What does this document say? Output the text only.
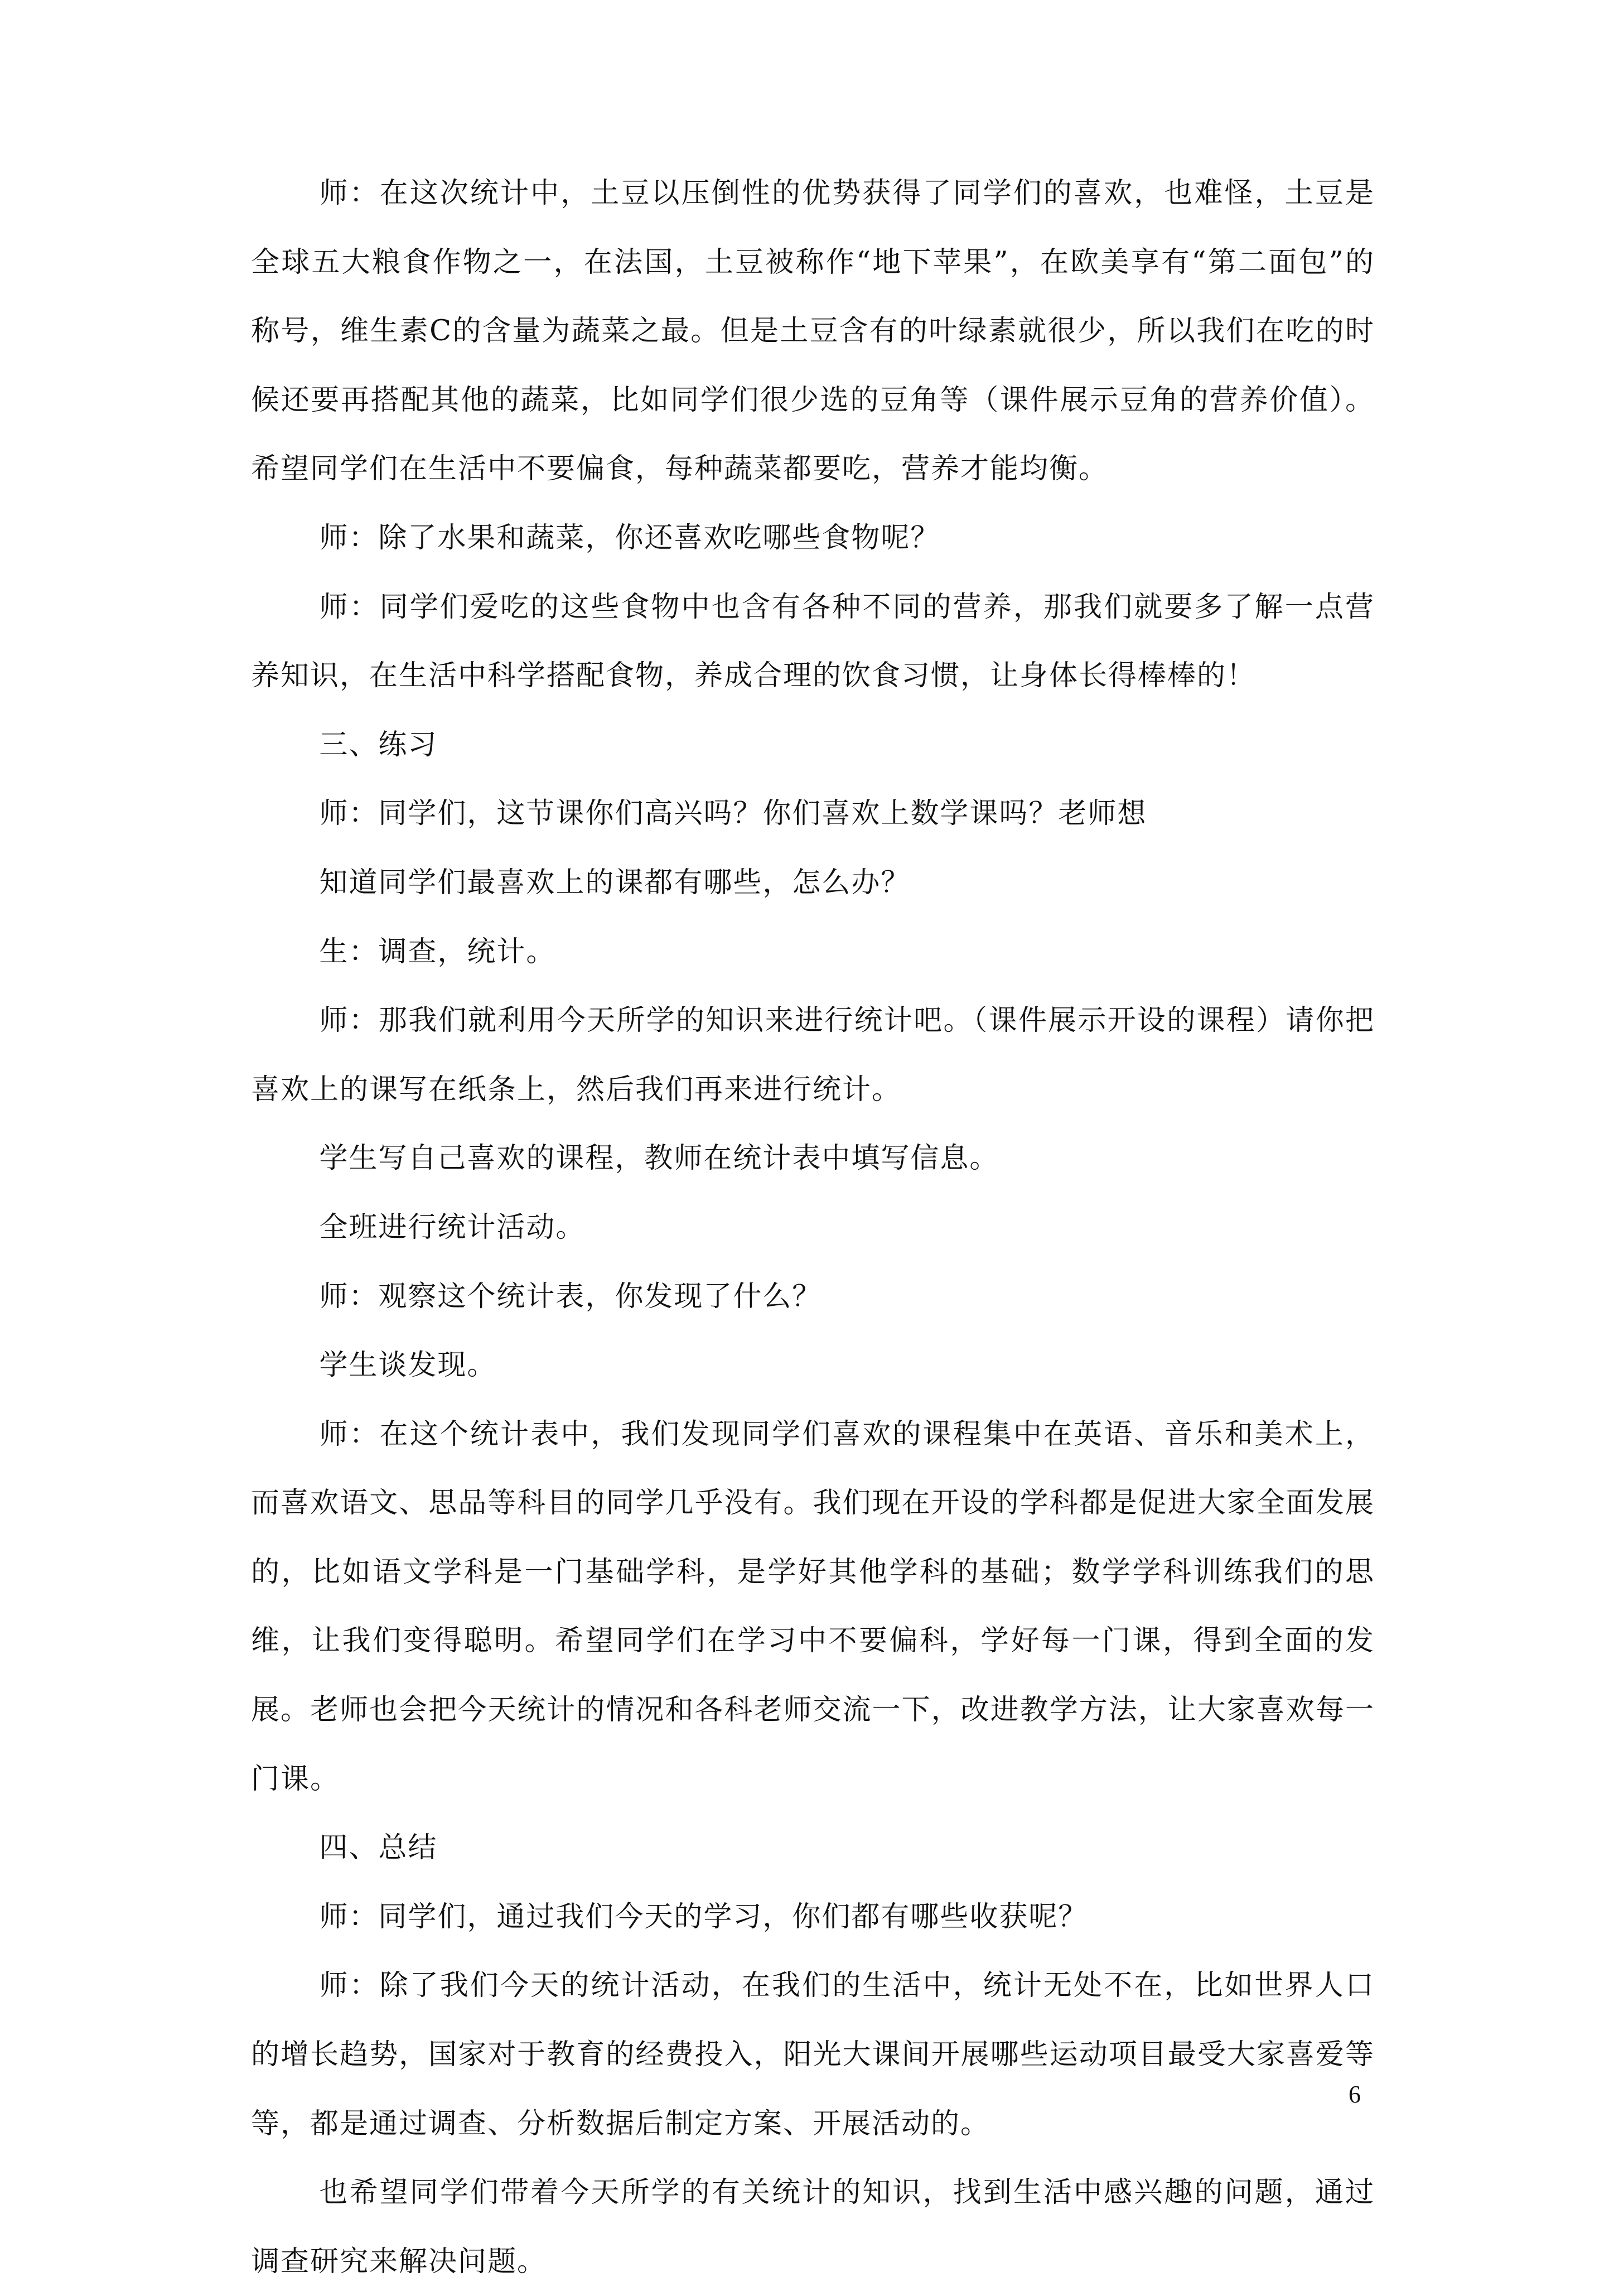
师：在这次统计中，土豆以压倒性的优势获得了同学们的喜欢，也难怪，土豆是全球五大粮食作物之一，在法国，土豆被称作“地下苹果”，在欧美享有“第二面包”的称号，维生素C的含量为蔬菜之最。但是土豆含有的叶绿素就很少，所以我们在吃的时候还要再搭配其他的蔬菜，比如同学们很少选的豆角等（课件展示豆角的营养价值）。希望同学们在生活中不要偏食，每种蔬菜都要吃，营养才能均衡。

师：除了水果和蔬菜，你还喜欢吃哪些食物呢？

师：同学们爱吃的这些食物中也含有各种不同的营养，那我们就要多了解一点营养知识，在生活中科学搭配食物，养成合理的饮食习惯，让身体长得棒棒的！

三、练习

师：同学们，这节课你们高兴吗？你们喜欢上数学课吗？老师想

知道同学们最喜欢上的课都有哪些，怎么办？

生：调查，统计。

师：那我们就利用今天所学的知识来进行统计吧。（课件展示开设的课程）请你把喜欢上的课写在纸条上，然后我们再来进行统计。

学生写自己喜欢的课程，教师在统计表中填写信息。

全班进行统计活动。

师：观察这个统计表，你发现了什么？

学生谈发现。

师：在这个统计表中，我们发现同学们喜欢的课程集中在英语、音乐和美术上，而喜欢语文、思品等科目的同学几乎没有。我们现在开设的学科都是促进大家全面发展的，比如语文学科是一门基础学科，是学好其他学科的基础；数学学科训练我们的思维，让我们变得聪明。希望同学们在学习中不要偏科，学好每一门课，得到全面的发展。老师也会把今天统计的情况和各科老师交流一下，改进教学方法，让大家喜欢每一门课。

四、总结

师：同学们，通过我们今天的学习，你们都有哪些收获呢？

师：除了我们今天的统计活动，在我们的生活中，统计无处不在，比如世界人口的增长趋势，国家对于教育的经费投入，阳光大课间开展哪些运动项目最受大家喜爱等等，都是通过调查、分析数据后制定方案、开展活动的。

也希望同学们带着今天所学的有关统计的知识，找到生活中感兴趣的问题，通过调查研究来解决问题。

6
